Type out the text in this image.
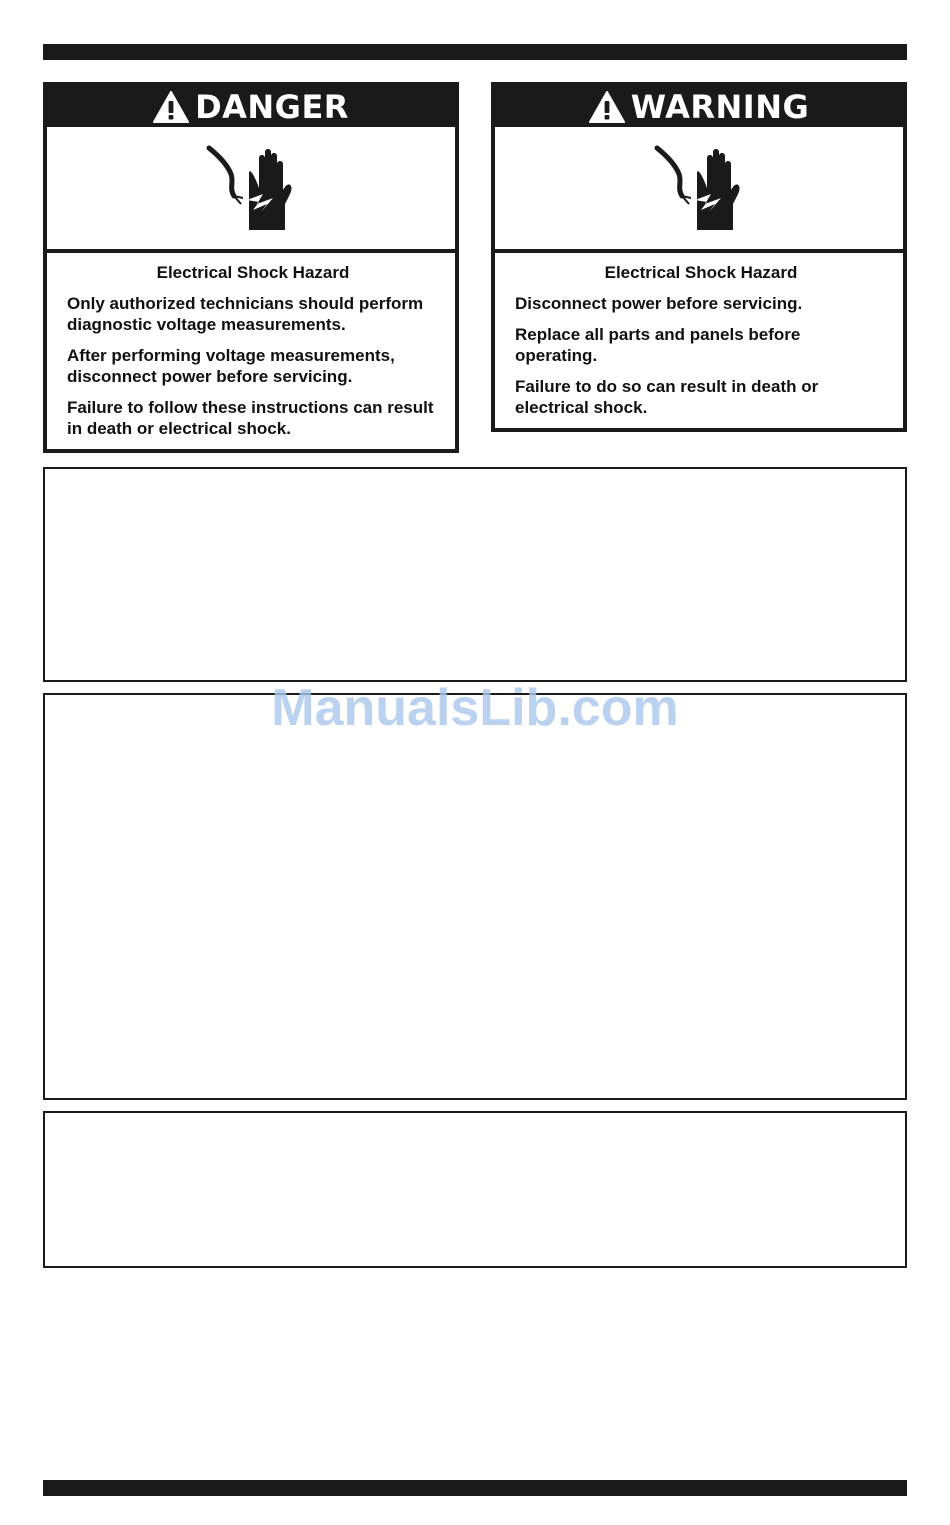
DANGER

Electrical Shock Hazard

Only authorized technicians should perform diagnostic voltage measurements.

After performing voltage measurements, disconnect power before servicing.

Failure to follow these instructions can result in death or electrical shock.

WARNING

Electrical Shock Hazard

Disconnect power before servicing.

Replace all parts and panels before operating.

Failure to do so can result in death or electrical shock.

ManualsLib.com
